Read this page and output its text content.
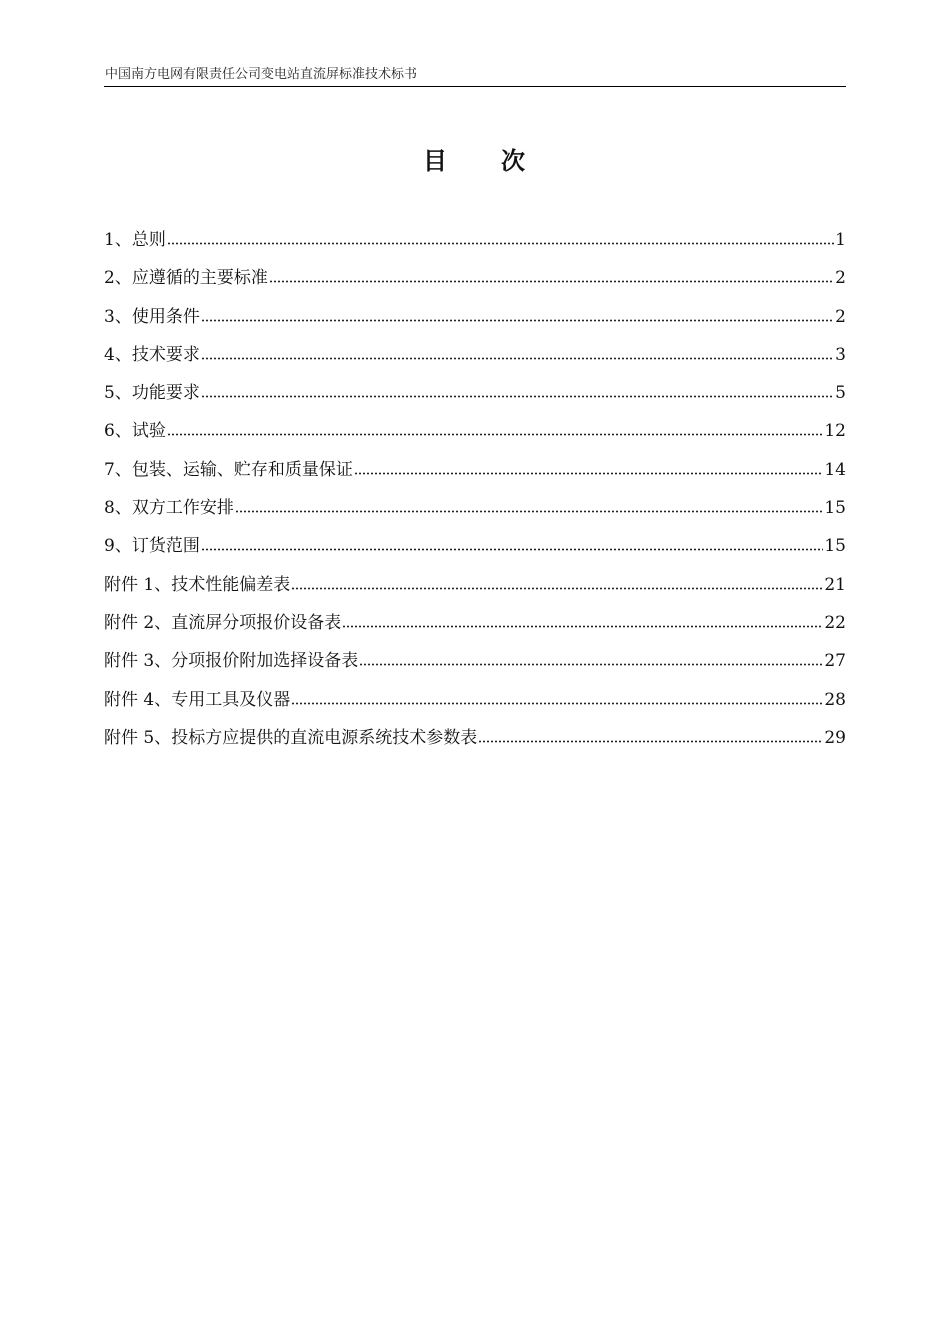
中国南方电网有限责任公司变电站直流屏标准技术标书
目　　次
1、总则	1
2、应遵循的主要标准	2
3、使用条件	2
4、技术要求	3
5、功能要求	5
6、试验	12
7、包装、运输、贮存和质量保证	14
8、双方工作安排	15
9、订货范围	15
附件 1、技术性能偏差表	21
附件 2、直流屏分项报价设备表	22
附件 3、分项报价附加选择设备表	27
附件 4、专用工具及仪器	28
附件 5、投标方应提供的直流电源系统技术参数表	29
